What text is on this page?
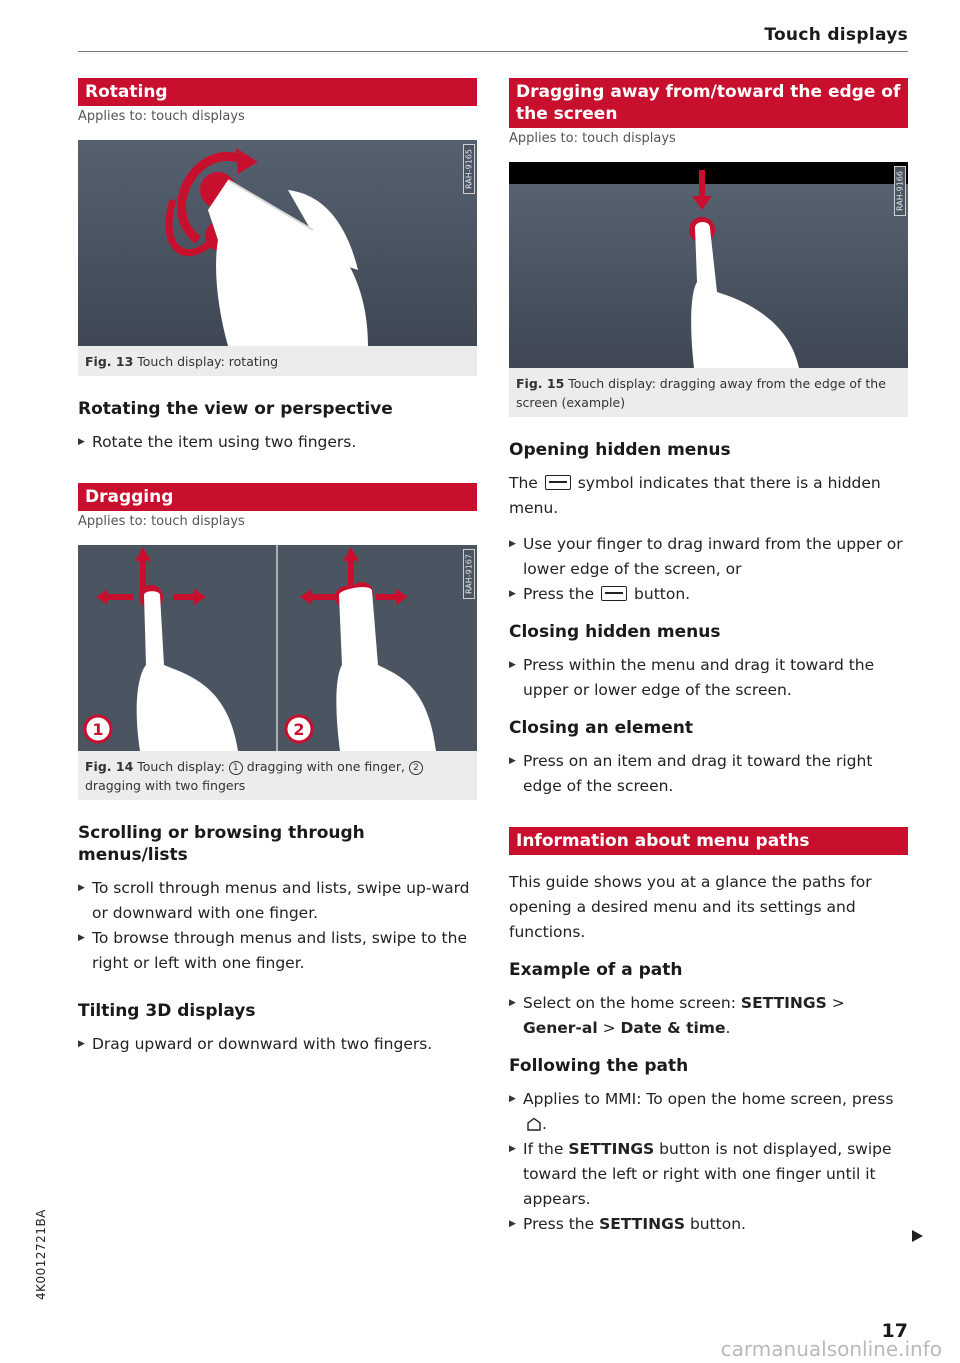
Touch displays
Rotating
Applies to: touch displays
RAH-9165
Fig. 13 Touch display: rotating
Rotating the view or perspective
▶ Rotate the item using two fingers.
Dragging
Applies to: touch displays
1	2
RAH-9167
Fig. 14 Touch display: 1 dragging with one finger, 2 dragging with two fingers
Scrolling or browsing through menus/lists
▶ To scroll through menus and lists, swipe up-ward or downward with one finger.
▶ To browse through menus and lists, swipe to the right or left with one finger.
Tilting 3D displays
▶ Drag upward or downward with two fingers.
Dragging away from/toward the edge of the screen
Applies to: touch displays
RAH-9166
Fig. 15 Touch display: dragging away from the edge of the screen (example)
Opening hidden menus

The	symbol indicates that there is a hidden menu.

▶ Use your finger to drag inward from the upper or lower edge of the screen, or
▶ Press the	button.
Closing hidden menus
▶ Press within the menu and drag it toward the upper or lower edge of the screen.
Closing an element
▶ Press on an item and drag it toward the right edge of the screen.
Information about menu paths

This guide shows you at a glance the paths for opening a desired menu and its settings and functions.

Example of a path
▶ Select on the home screen: SETTINGS > Gener-al > Date & time.
Following the path
▶ Applies to MMI: To open the home screen, press .
▶ If the SETTINGS button is not displayed, swipe toward the left or right with one finger until it appears.
▶ Press the SETTINGS button.
4K0012721BA
17
carmanualsonline.info
